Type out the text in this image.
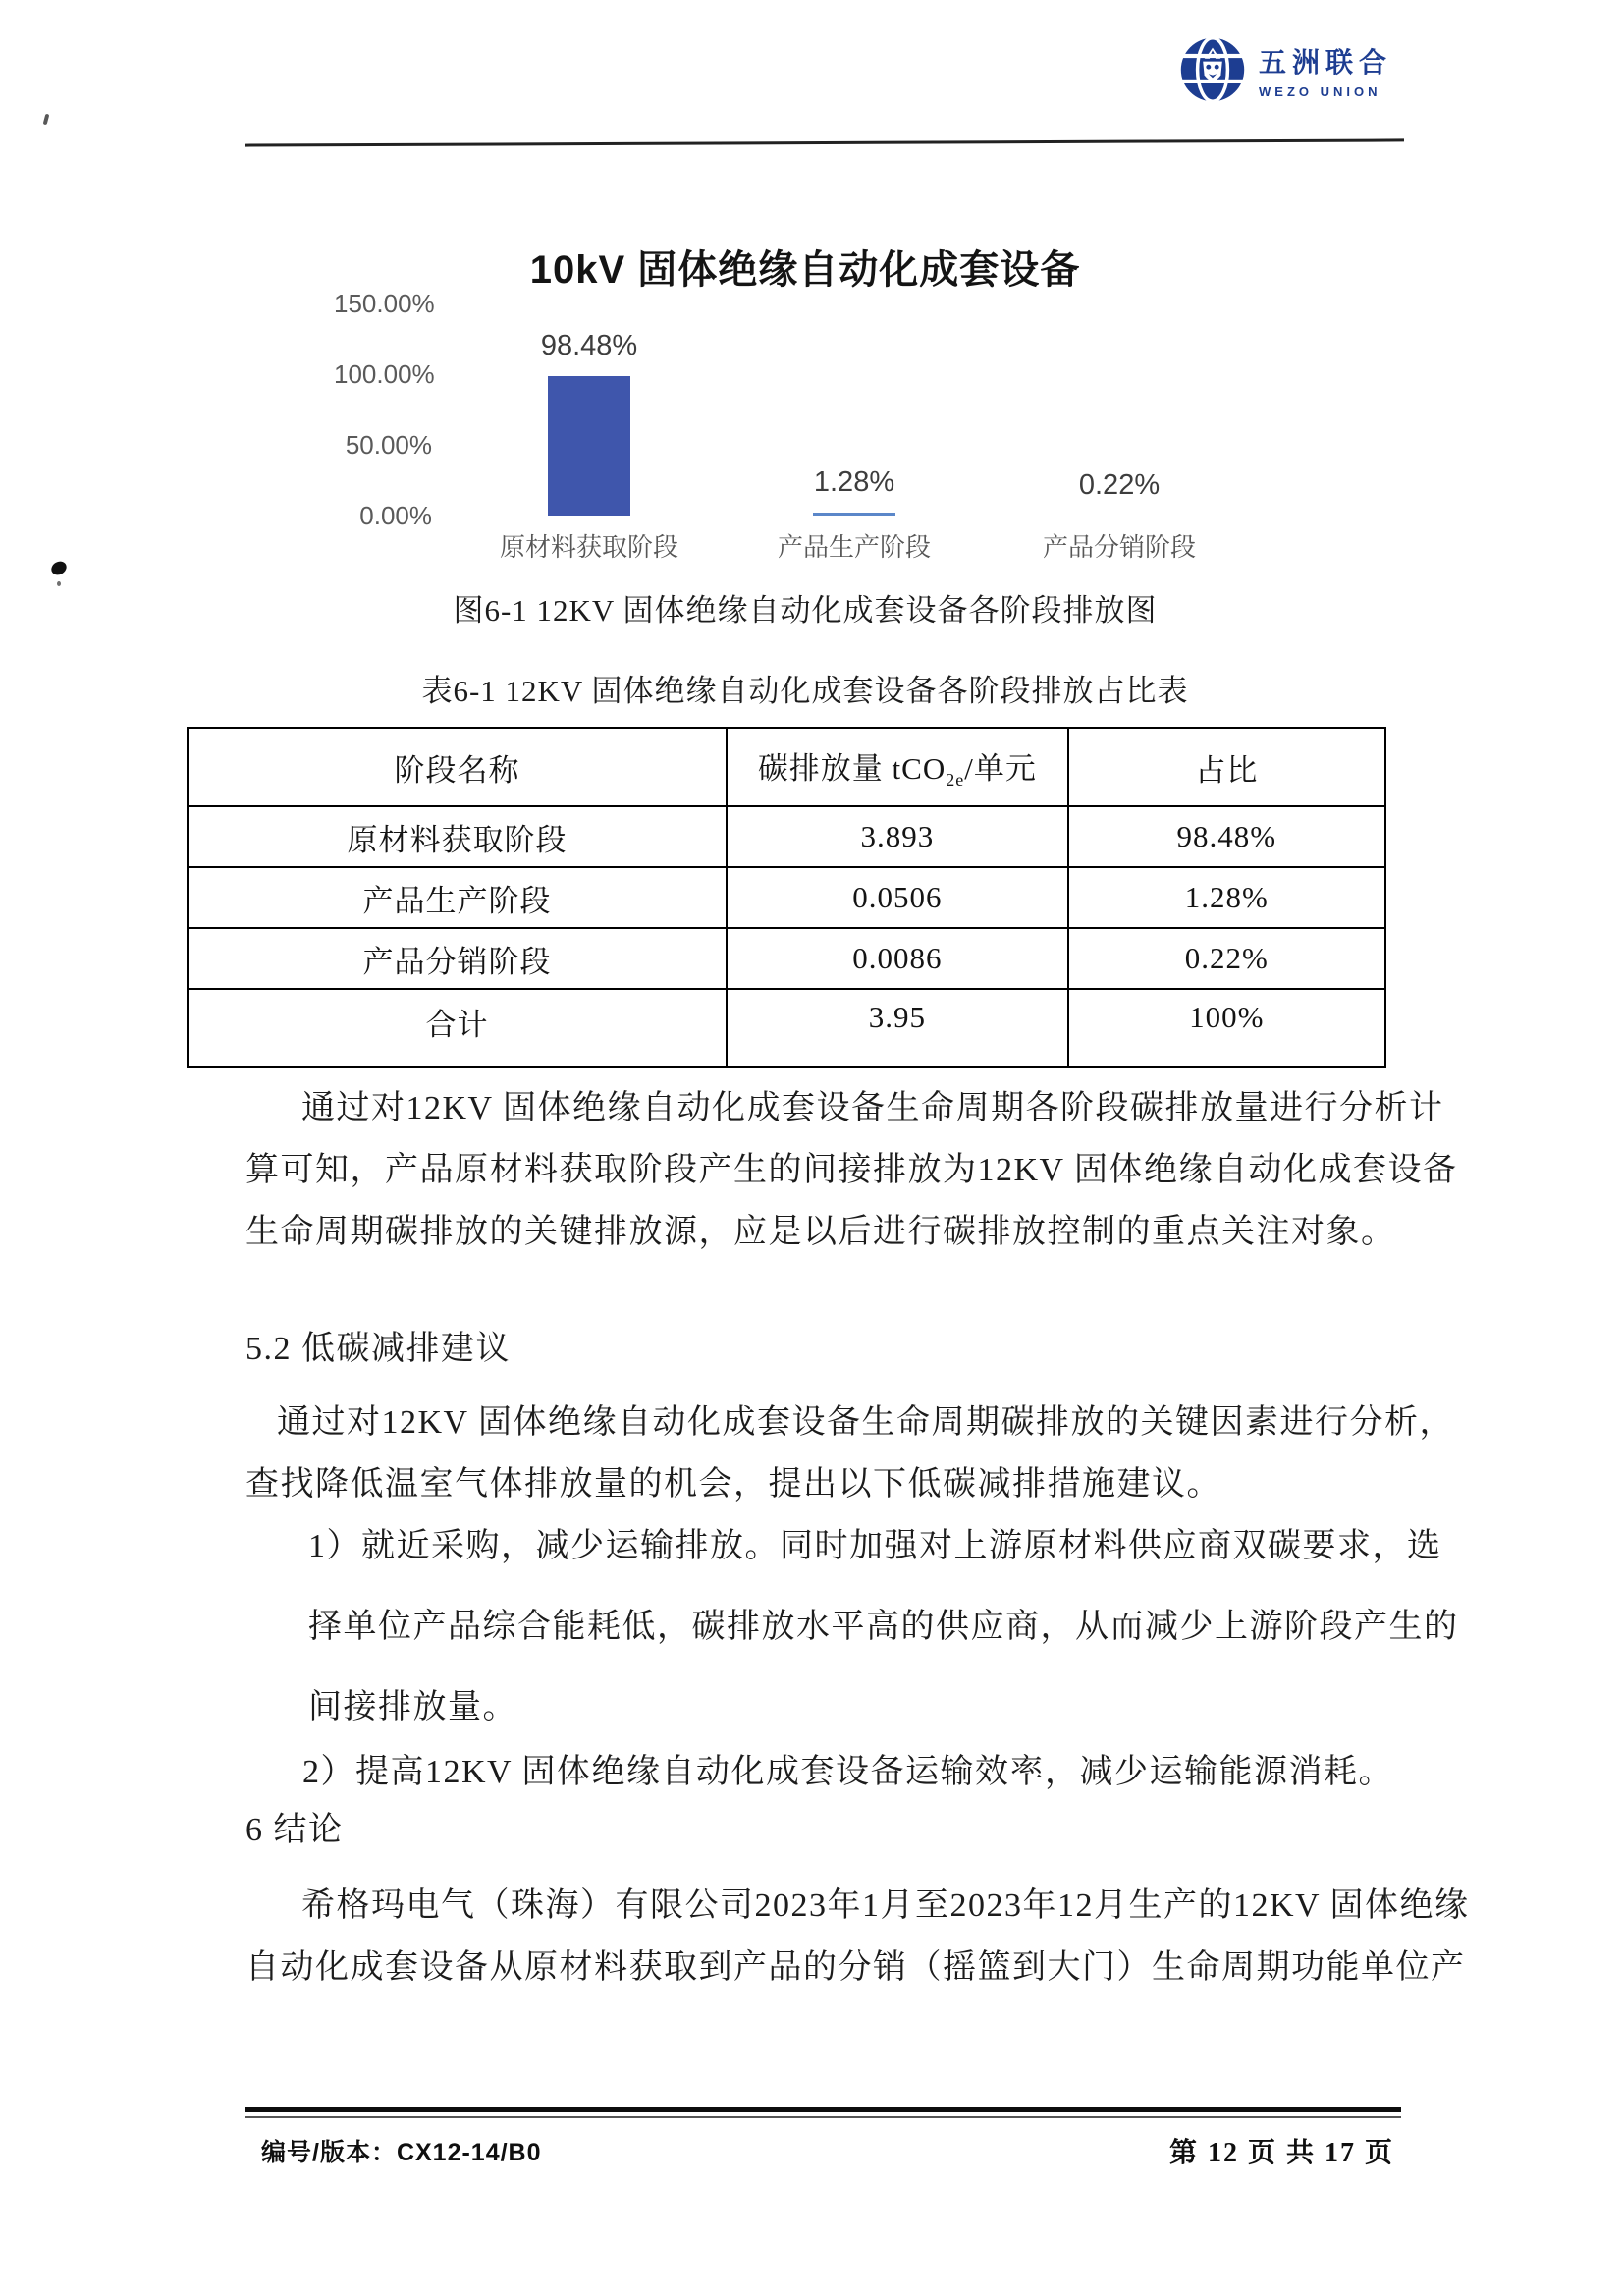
五洲联合
WEZO UNION
10kV 固体绝缘自动化成套设备
150.00%
100.00%
50.00%
0.00%
98.48%
原材料获取阶段
1.28%
产品生产阶段
0.22%
产品分销阶段
图6-1 12KV 固体绝缘自动化成套设备各阶段排放图
表6-1 12KV 固体绝缘自动化成套设备各阶段排放占比表
阶段名称	碳排放量 tCO$_{2e}$/单元	占比
原材料获取阶段	3.893	98.48%
产品生产阶段	0.0506	1.28%
产品分销阶段	0.0086	0.22%
合计	3.95	100%
通过对12KV 固体绝缘自动化成套设备生命周期各阶段碳排放量进行分析计
算可知，产品原材料获取阶段产生的间接排放为12KV 固体绝缘自动化成套设备
生命周期碳排放的关键排放源，应是以后进行碳排放控制的重点关注对象。
5.2 低碳减排建议
通过对12KV 固体绝缘自动化成套设备生命周期碳排放的关键因素进行分析，
查找降低温室气体排放量的机会，提出以下低碳减排措施建议。
1）就近采购，减少运输排放。同时加强对上游原材料供应商双碳要求，选
择单位产品综合能耗低，碳排放水平高的供应商，从而减少上游阶段产生的
间接排放量。
2）提高12KV 固体绝缘自动化成套设备运输效率，减少运输能源消耗。
6 结论
希格玛电气（珠海）有限公司2023年1月至2023年12月生产的12KV 固体绝缘
自动化成套设备从原材料获取到产品的分销（摇篮到大门）生命周期功能单位产
编号/版本：CX12-14/B0	第 12 页 共 17 页
